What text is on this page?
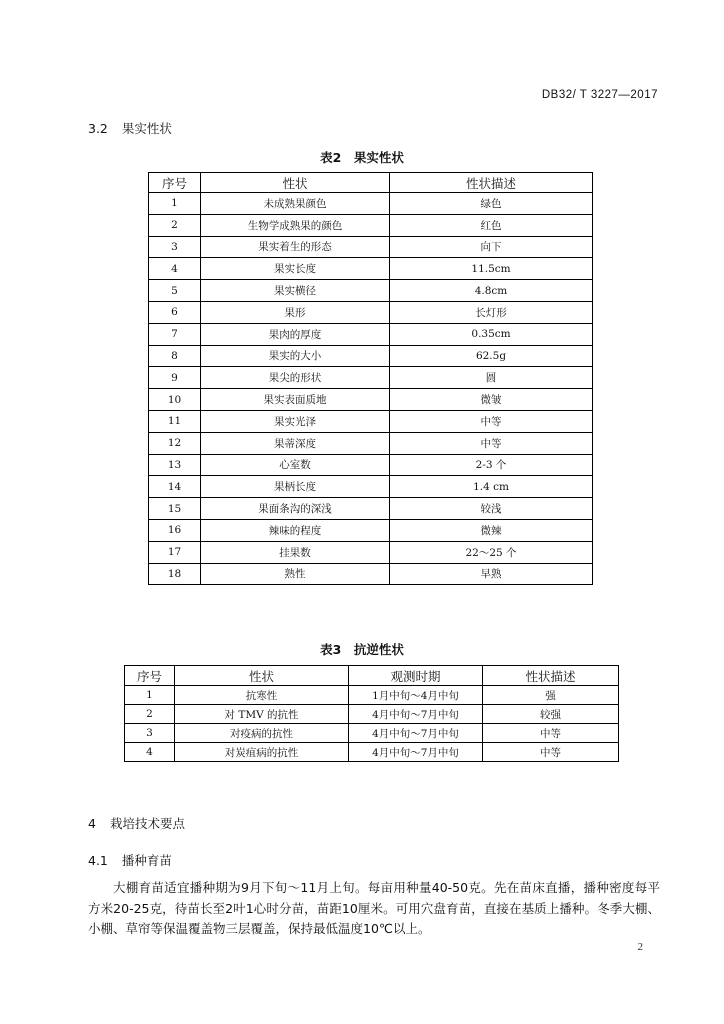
DB32/ T 3227—2017
3.2 果实性状
表2　果实性状
序号	性状	性状描述
1	未成熟果颜色	绿色
2	生物学成熟果的颜色	红色
3	果实着生的形态	向下
4	果实长度	11.5cm
5	果实横径	4.8cm
6	果形	长灯形
7	果肉的厚度	0.35cm
8	果实的大小	62.5g
9	果尖的形状	圆
10	果实表面质地	微皱
11	果实光泽	中等
12	果蒂深度	中等
13	心室数	2-3 个
14	果柄长度	1.4 cm
15	果面条沟的深浅	较浅
16	辣味的程度	微辣
17	挂果数	22～25 个
18	熟性	早熟
表3　抗逆性状
序号	性状	观测时期	性状描述
1	抗寒性	1月中旬～4月中旬	强
2	对 TMV 的抗性	4月中旬～7月中旬	较强
3	对疫病的抗性	4月中旬～7月中旬	中等
4	对炭疽病的抗性	4月中旬～7月中旬	中等
4 栽培技术要点
4.1 播种育苗
大棚育苗适宜播种期为9月下旬～11月上旬。每亩用种量40-50克。先在苗床直播，播种密度每平方米20-25克，待苗长至2叶1心时分苗，苗距10厘米。可用穴盘育苗，直接在基质上播种。冬季大棚、小棚、草帘等保温覆盖物三层覆盖，保持最低温度10℃以上。
2
